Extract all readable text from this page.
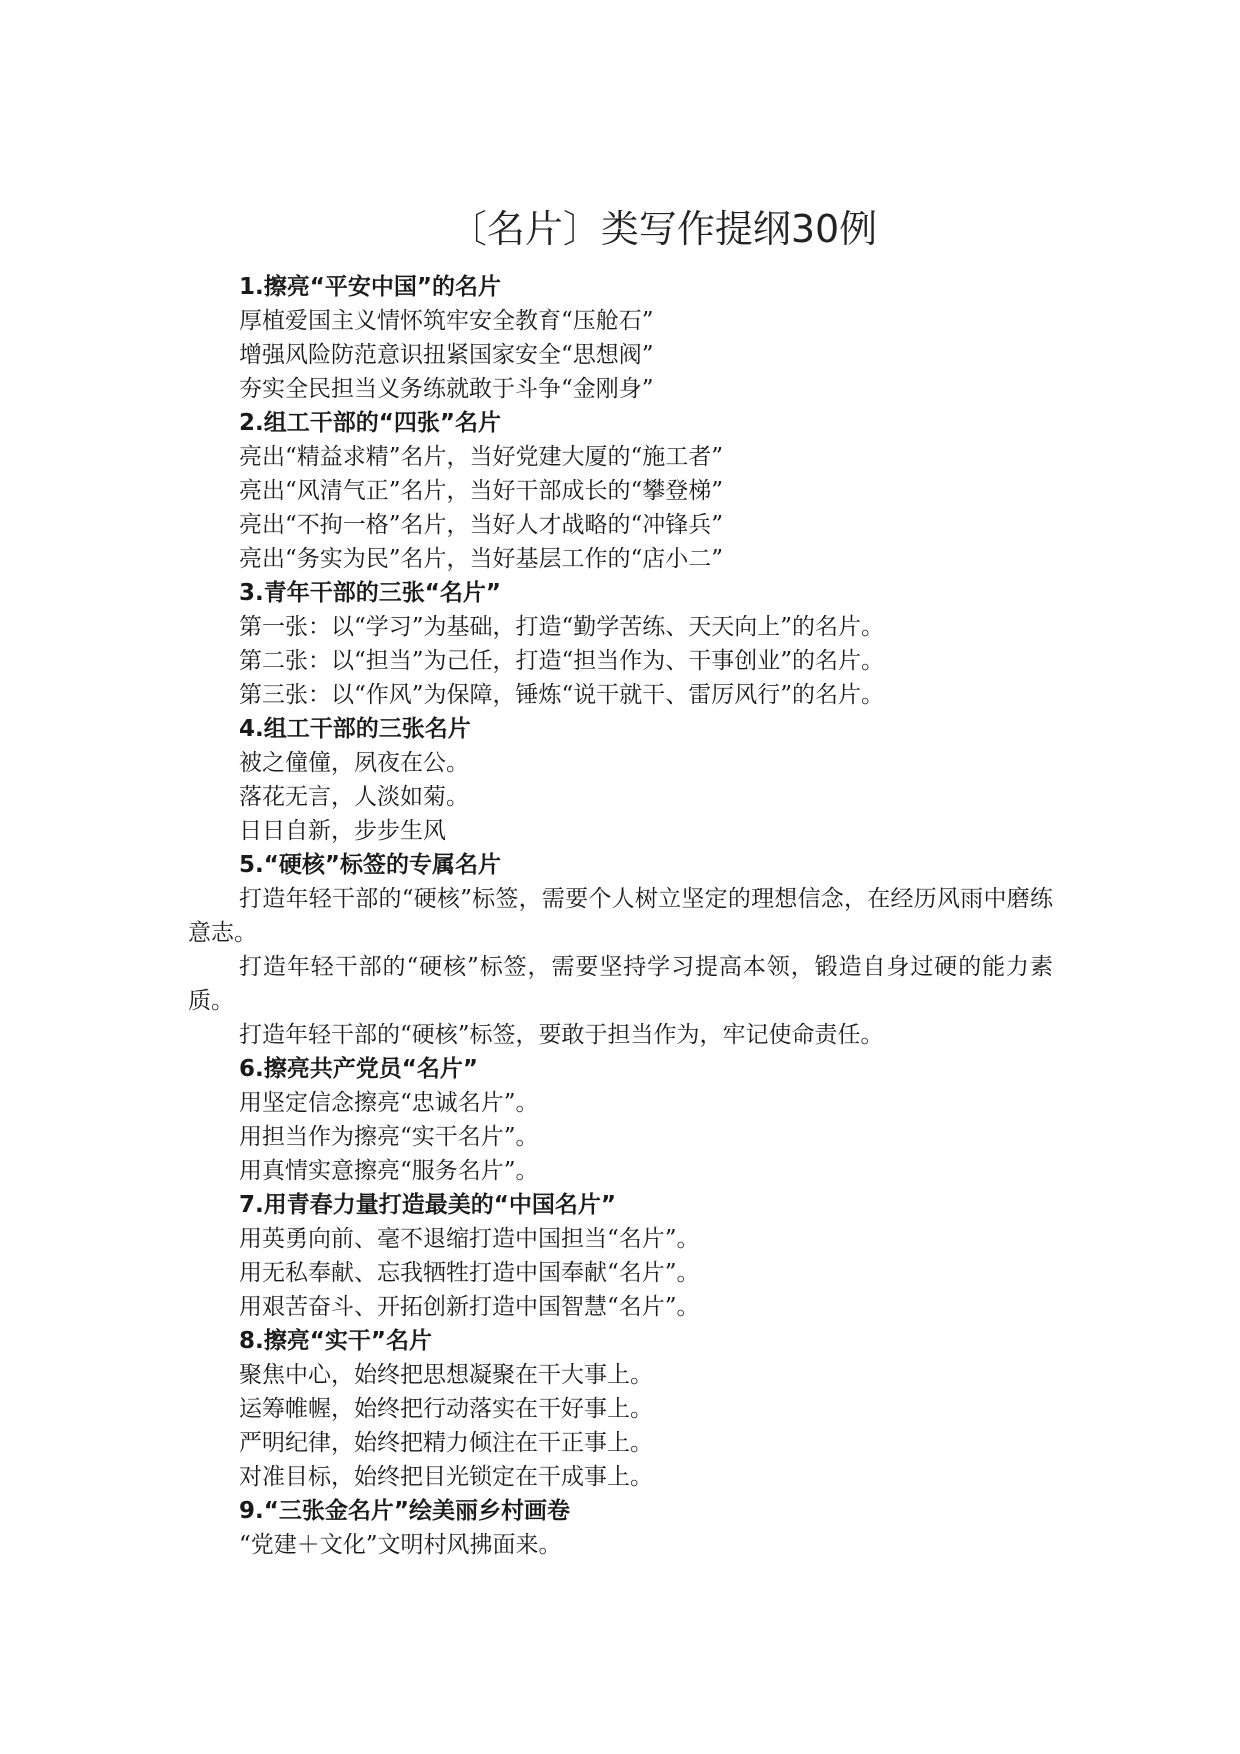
〔名片〕类写作提纲30例
1.擦亮“平安中国”的名片
厚植爱国主义情怀筑牢安全教育“压舱石”
增强风险防范意识扭紧国家安全“思想阀”
夯实全民担当义务练就敢于斗争“金刚身”
2.组工干部的“四张”名片
亮出“精益求精”名片，当好党建大厦的“施工者”
亮出“风清气正”名片，当好干部成长的“攀登梯”
亮出“不拘一格”名片，当好人才战略的“冲锋兵”
亮出“务实为民”名片，当好基层工作的“店小二”
3.青年干部的三张“名片”
第一张：以“学习”为基础，打造“勤学苦练、天天向上”的名片。
第二张：以“担当”为己任，打造“担当作为、干事创业”的名片。
第三张：以“作风”为保障，锤炼“说干就干、雷厉风行”的名片。
4.组工干部的三张名片
被之僮僮，夙夜在公。
落花无言，人淡如菊。
日日自新，步步生风
5.“硬核”标签的专属名片
打造年轻干部的“硬核”标签，需要个人树立坚定的理想信念，在经历风雨中磨练意志。
打造年轻干部的“硬核”标签，需要坚持学习提高本领，锻造自身过硬的能力素质。
打造年轻干部的“硬核”标签，要敢于担当作为，牢记使命责任。
6.擦亮共产党员“名片”
用坚定信念擦亮“忠诚名片”。
用担当作为擦亮“实干名片”。
用真情实意擦亮“服务名片”。
7.用青春力量打造最美的“中国名片”
用英勇向前、毫不退缩打造中国担当“名片”。
用无私奉献、忘我牺牲打造中国奉献“名片”。
用艰苦奋斗、开拓创新打造中国智慧“名片”。
8.擦亮“实干”名片
聚焦中心，始终把思想凝聚在干大事上。
运筹帷幄，始终把行动落实在干好事上。
严明纪律，始终把精力倾注在干正事上。
对准目标，始终把目光锁定在干成事上。
9.“三张金名片”绘美丽乡村画卷
“党建＋文化”文明村风拂面来。
